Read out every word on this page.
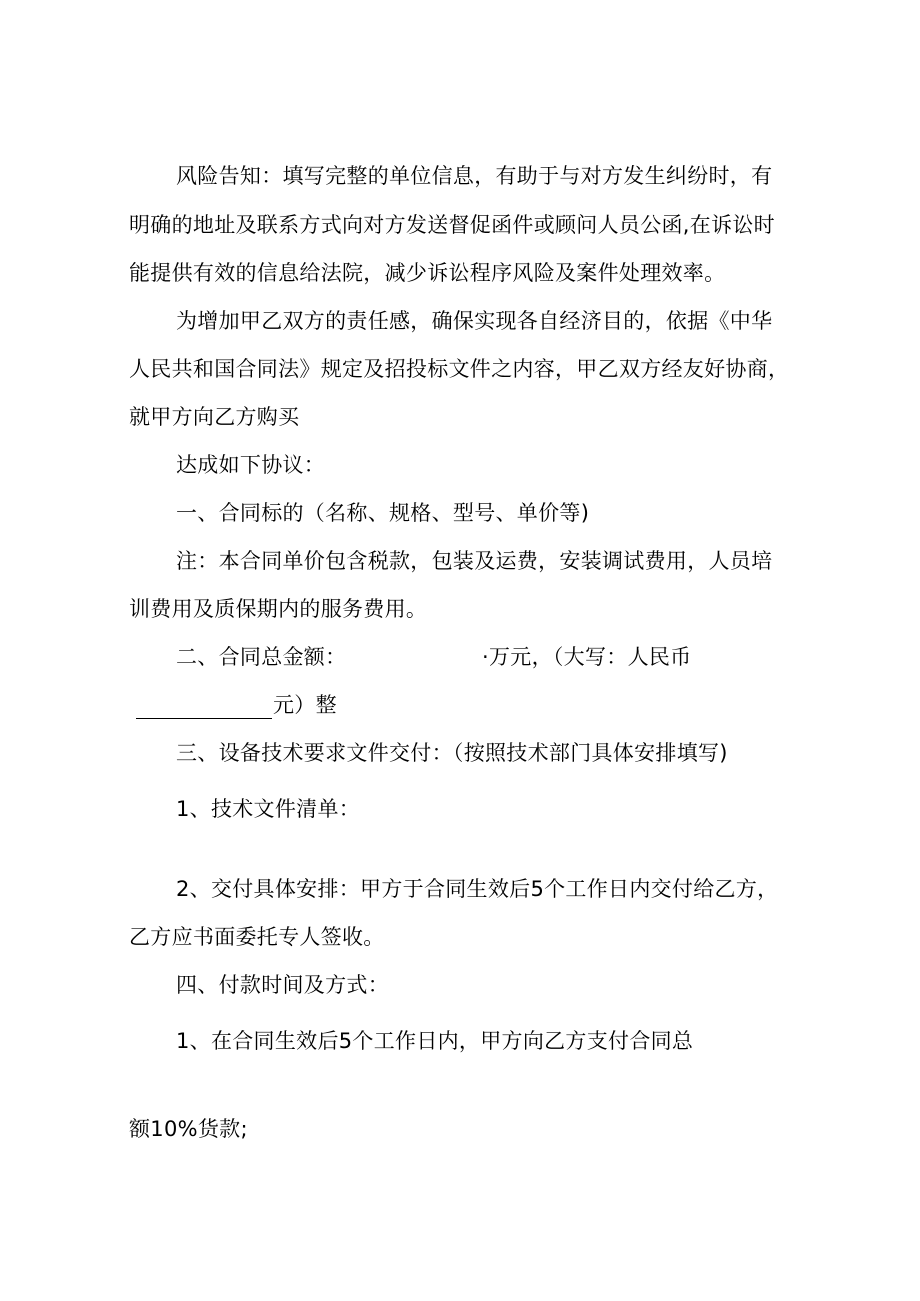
风险告知：填写完整的单位信息，有助于与对方发生纠纷时，有
明确的地址及联系方式向对方发送督促函件或顾问人员公函,在诉讼时
能提供有效的信息给法院，减少诉讼程序风险及案件处理效率。
为增加甲乙双方的责任感，确保实现各自经济目的，依据《中华
人民共和国合同法》规定及招投标文件之内容，甲乙双方经友好协商，
就甲方向乙方购买
达成如下协议：
一、合同标的（名称、规格、型号、单价等)
注：本合同单价包含税款，包装及运费，安装调试费用，人员培
训费用及质保期内的服务费用。
二、合同总金额：	·万元，（大写：人民币
元）整
三、设备技术要求文件交付：（按照技术部门具体安排填写)
1、技术文件清单：
2、交付具体安排：甲方于合同生效后5个工作日内交付给乙方，
乙方应书面委托专人签收。
四、付款时间及方式：
1、在合同生效后5个工作日内，甲方向乙方支付合同总
额10%货款;
